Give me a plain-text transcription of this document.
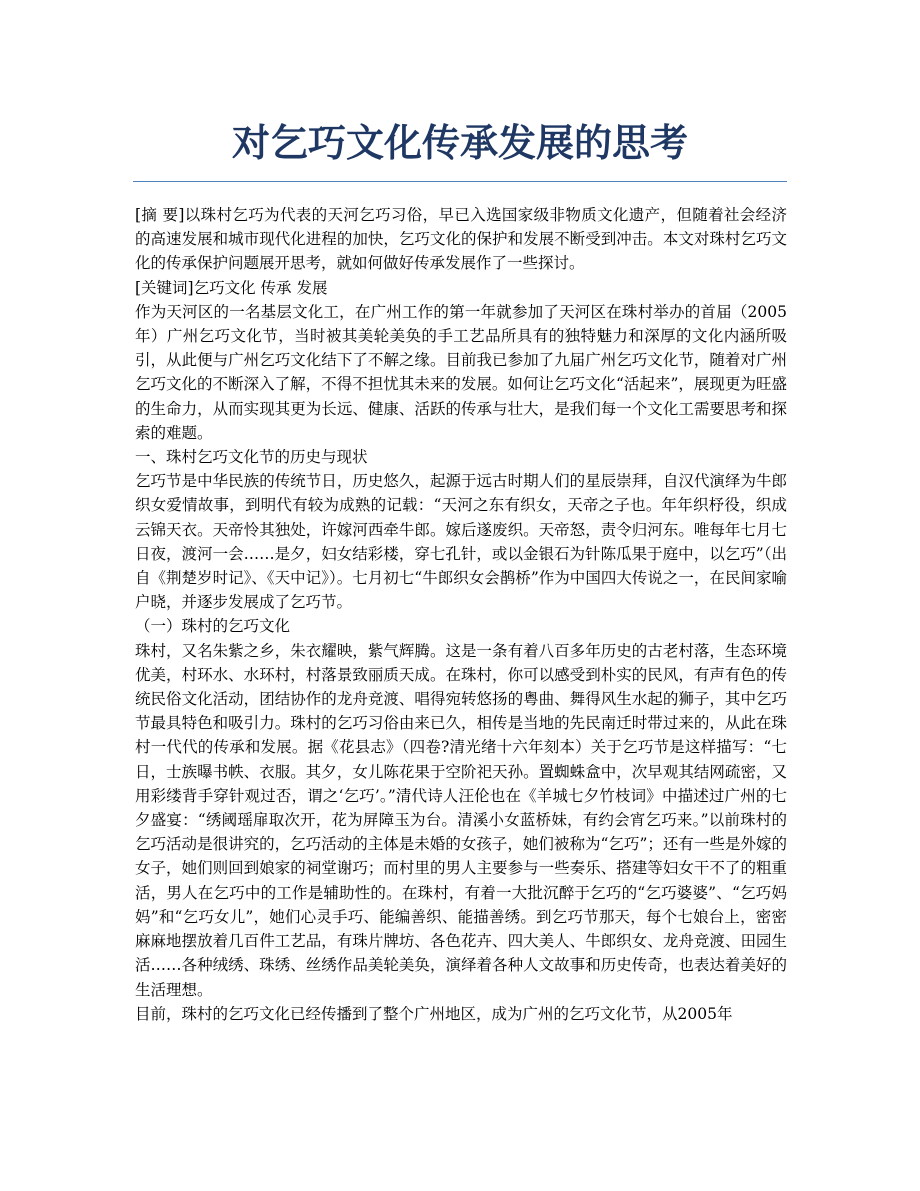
对乞巧文化传承发展的思考

[摘 要]以珠村乞巧为代表的天河乞巧习俗，早已入选国家级非物质文化遗产，但随着社会经济的高速发展和城市现代化进程的加快，乞巧文化的保护和发展不断受到冲击。本文对珠村乞巧文化的传承保护问题展开思考，就如何做好传承发展作了一些探讨。

[关键词]乞巧文化 传承 发展

作为天河区的一名基层文化工，在广州工作的第一年就参加了天河区在珠村举办的首届（2005年）广州乞巧文化节，当时被其美轮美奂的手工艺品所具有的独特魅力和深厚的文化内涵所吸引，从此便与广州乞巧文化结下了不解之缘。目前我已参加了九届广州乞巧文化节，随着对广州乞巧文化的不断深入了解，不得不担忧其未来的发展。如何让乞巧文化“活起来”，展现更为旺盛的生命力，从而实现其更为长远、健康、活跃的传承与壮大，是我们每一个文化工需要思考和探索的难题。

一、珠村乞巧文化节的历史与现状

乞巧节是中华民族的传统节日，历史悠久，起源于远古时期人们的星辰崇拜，自汉代演绎为牛郎织女爱情故事，到明代有较为成熟的记载：“天河之东有织女，天帝之子也。年年织杼役，织成云锦天衣。天帝怜其独处，许嫁河西牵牛郎。嫁后遂废织。天帝怒，责令归河东。唯每年七月七日夜，渡河一会……是夕，妇女结彩楼，穿七孔针，或以金银石为针陈瓜果于庭中，以乞巧”（出自《荆楚岁时记》、《天中记》）。七月初七“牛郎织女会鹊桥”作为中国四大传说之一，在民间家喻户晓，并逐步发展成了乞巧节。

（一）珠村的乞巧文化

珠村，又名朱紫之乡，朱衣耀映，紫气辉腾。这是一条有着八百多年历史的古老村落，生态环境优美，村环水、水环村，村落景致丽质天成。在珠村，你可以感受到朴实的民风，有声有色的传统民俗文化活动，团结协作的龙舟竞渡、唱得宛转悠扬的粤曲、舞得风生水起的狮子，其中乞巧节最具特色和吸引力。珠村的乞巧习俗由来已久，相传是当地的先民南迁时带过来的，从此在珠村一代代的传承和发展。据《花县志》（四卷?清光绪十六年刻本）关于乞巧节是这样描写：“七日，士族曝书帙、衣服。其夕，女儿陈花果于空阶祀天孙。置蜘蛛盒中，次早观其结网疏密，又用彩缕背手穿针观过否，谓之‘乞巧’。”清代诗人汪伦也在《羊城七夕竹枝词》中描述过广州的七夕盛宴：“绣阈瑶扉取次开，花为屏障玉为台。清溪小女蓝桥妹，有约会宵乞巧来。”以前珠村的乞巧活动是很讲究的，乞巧活动的主体是未婚的女孩子，她们被称为“乞巧”；还有一些是外嫁的女子，她们则回到娘家的祠堂谢巧；而村里的男人主要参与一些奏乐、搭建等妇女干不了的粗重活，男人在乞巧中的工作是辅助性的。在珠村，有着一大批沉醉于乞巧的“乞巧婆婆”、“乞巧妈妈”和“乞巧女儿”，她们心灵手巧、能编善织、能描善绣。到乞巧节那天，每个七娘台上，密密麻麻地摆放着几百件工艺品，有珠片牌坊、各色花卉、四大美人、牛郎织女、龙舟竞渡、田园生活……各种绒绣、珠绣、丝绣作品美轮美奂，演绎着各种人文故事和历史传奇，也表达着美好的生活理想。

目前，珠村的乞巧文化已经传播到了整个广州地区，成为广州的乞巧文化节，从2005年
